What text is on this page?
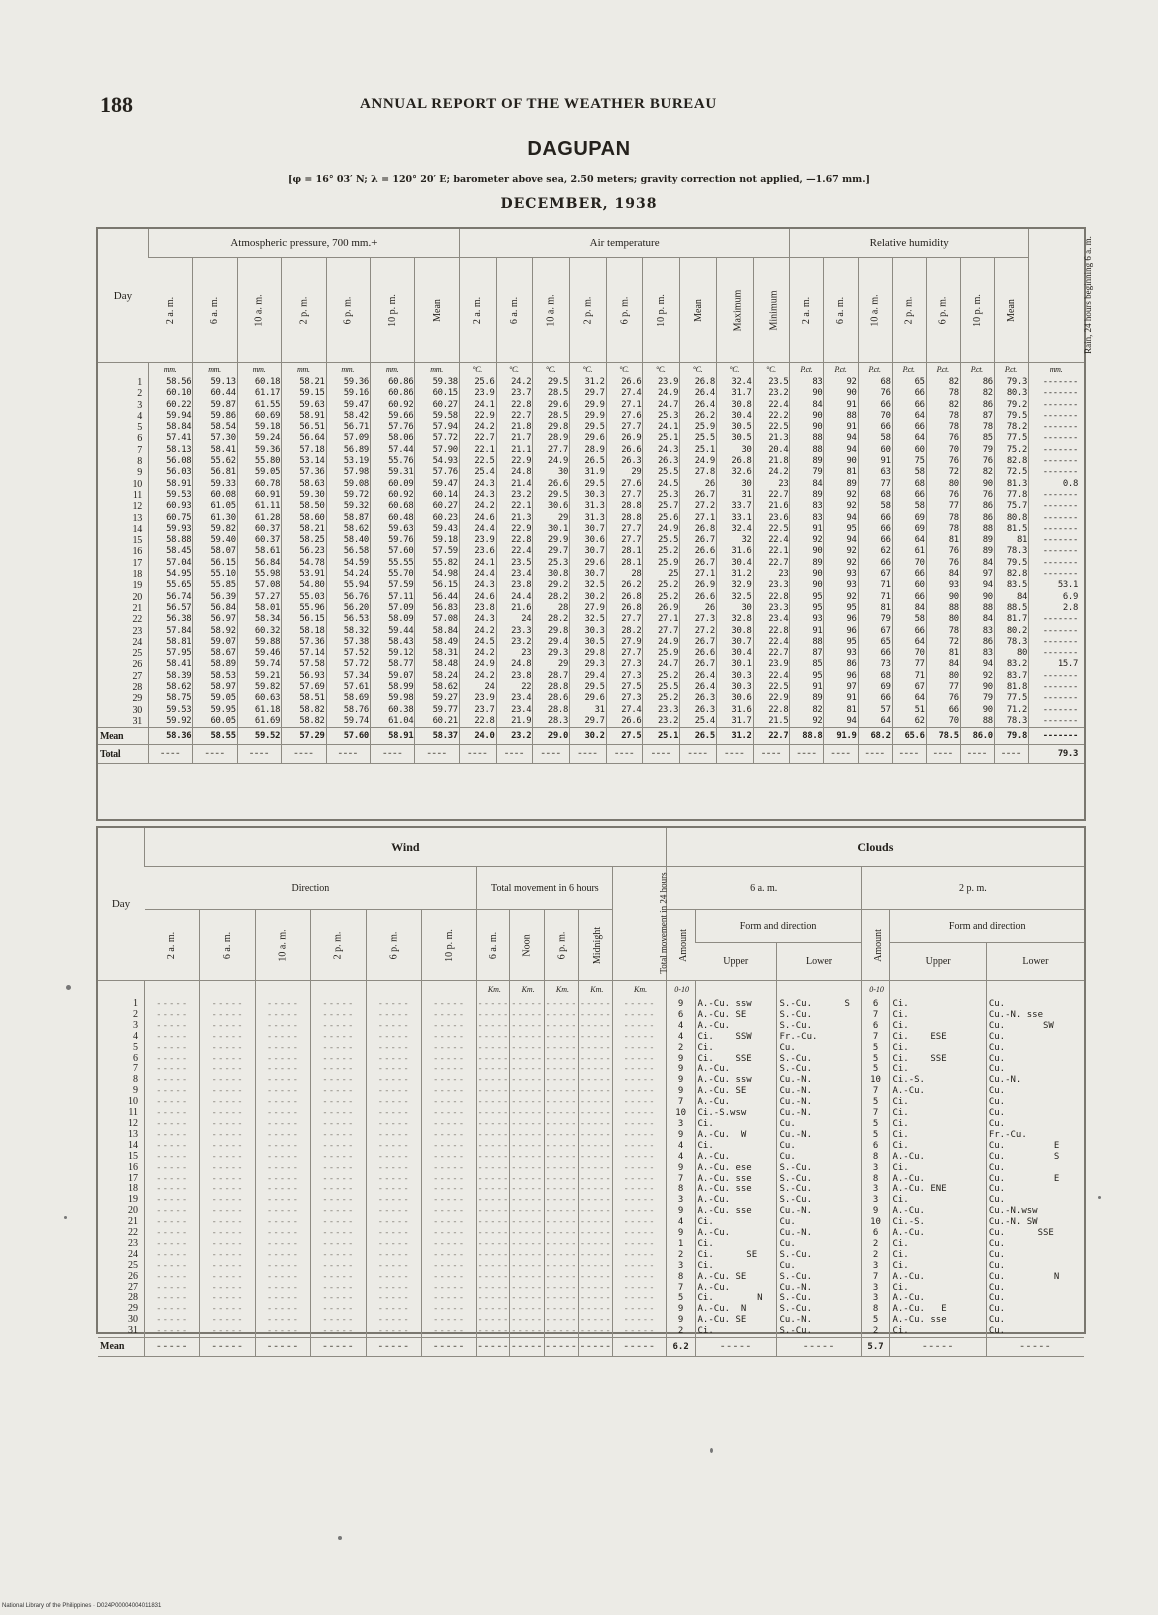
188	ANNUAL REPORT OF THE WEATHER BUREAU
DAGUPAN
[φ = 16° 03′ N; λ = 120° 20′ E; barometer above sea, 2.50 meters; gravity correction not applied, —1.67 mm.]
DECEMBER, 1938
Day	Atmospheric pressure, 700 mm.+							Air temperature									Relative humidity							Rain, 24 hours beginning 6 a. m.
	2 a. m.	6 a. m.	10 a. m.	2 p. m.	6 p. m.	10 p. m.	Mean	2 a. m.	6 a. m.	10 a. m.	2 p. m.	6 p. m.	10 p. m.	Mean	Maximum	Minimum	2 a. m.	6 a. m.	10 a. m.	2 p. m.	6 p. m.	10 p. m.	Mean	
	mm.	mm.	mm.	mm.	mm.	mm.	mm.	°C.	°C.	°C.	°C.	°C.	°C.	°C.	°C.	°C.	P.ct.	P.ct.	P.ct.	P.ct.	P.ct.	P.ct.	P.ct.	mm.
1	58.56	59.13	60.18	58.21	59.36	60.86	59.38	25.6	24.2	29.5	31.2	26.6	23.9	26.8	32.4	23.5	83	92	68	65	82	86	79.3	-------
2	60.10	60.44	61.17	59.15	59.16	60.86	60.15	23.9	23.7	28.5	29.7	27.4	24.9	26.4	31.7	23.2	90	90	76	66	78	82	80.3	-------
3	60.22	59.87	61.55	59.63	59.47	60.92	60.27	24.1	22.8	29.6	29.9	27.1	24.7	26.4	30.8	22.4	84	91	66	66	82	86	79.2	-------
4	59.94	59.86	60.69	58.91	58.42	59.66	59.58	22.9	22.7	28.5	29.9	27.6	25.3	26.2	30.4	22.2	90	88	70	64	78	87	79.5	-------
5	58.84	58.54	59.18	56.51	56.71	57.76	57.94	24.2	21.8	29.8	29.5	27.7	24.1	25.9	30.5	22.5	90	91	66	66	78	78	78.2	-------
6	57.41	57.30	59.24	56.64	57.09	58.06	57.72	22.7	21.7	28.9	29.6	26.9	25.1	25.5	30.5	21.3	88	94	58	64	76	85	77.5	-------
7	58.13	58.41	59.36	57.18	56.89	57.44	57.90	22.1	21.1	27.7	28.9	26.6	24.3	25.1	30	20.4	88	94	60	60	70	79	75.2	-------
8	56.08	55.62	55.80	53.14	53.19	55.76	54.93	22.5	22.9	24.9	26.5	26.3	26.3	24.9	26.8	21.8	89	90	91	75	76	76	82.8	-------
9	56.03	56.81	59.05	57.36	57.98	59.31	57.76	25.4	24.8	30	31.9	29	25.5	27.8	32.6	24.2	79	81	63	58	72	82	72.5	-------
10	58.91	59.33	60.78	58.63	59.08	60.09	59.47	24.3	21.4	26.6	29.5	27.6	24.5	26	30	23	84	89	77	68	80	90	81.3	0.8
11	59.53	60.08	60.91	59.30	59.72	60.92	60.14	24.3	23.2	29.5	30.3	27.7	25.3	26.7	31	22.7	89	92	68	66	76	76	77.8	-------
12	60.93	61.05	61.11	58.50	59.32	60.68	60.27	24.2	22.1	30.6	31.3	28.8	25.7	27.2	33.7	21.6	83	92	58	58	77	86	75.7	-------
13	60.75	61.30	61.28	58.60	58.87	60.48	60.23	24.6	21.3	29	31.3	28.8	25.6	27.1	33.1	23.6	83	94	66	69	78	86	80.8	-------
14	59.93	59.82	60.37	58.21	58.62	59.63	59.43	24.4	22.9	30.1	30.7	27.7	24.9	26.8	32.4	22.5	91	95	66	69	78	88	81.5	-------
15	58.88	59.40	60.37	58.25	58.40	59.76	59.18	23.9	22.8	29.9	30.6	27.7	25.5	26.7	32	22.4	92	94	66	64	81	89	81	-------
16	58.45	58.07	58.61	56.23	56.58	57.60	57.59	23.6	22.4	29.7	30.7	28.1	25.2	26.6	31.6	22.1	90	92	62	61	76	89	78.3	-------
17	57.04	56.15	56.84	54.78	54.59	55.55	55.82	24.1	23.5	25.3	29.6	28.1	25.9	26.7	30.4	22.7	89	92	66	70	76	84	79.5	-------
18	54.95	55.10	55.98	53.91	54.24	55.70	54.98	24.4	23.4	30.8	30.7	28	25	27.1	31.2	23	90	93	67	66	84	97	82.8	-------
19	55.65	55.85	57.08	54.80	55.94	57.59	56.15	24.3	23.8	29.2	32.5	26.2	25.2	26.9	32.9	23.3	90	93	71	60	93	94	83.5	53.1
20	56.74	56.39	57.27	55.03	56.76	57.11	56.44	24.6	24.4	28.2	30.2	26.8	25.2	26.6	32.5	22.8	95	92	71	66	90	90	84	6.9
21	56.57	56.84	58.01	55.96	56.20	57.09	56.83	23.8	21.6	28	27.9	26.8	26.9	26	30	23.3	95	95	81	84	88	88	88.5	2.8
22	56.38	56.97	58.34	56.15	56.53	58.09	57.08	24.3	24	28.2	32.5	27.7	27.1	27.3	32.8	23.4	93	96	79	58	80	84	81.7	-------
23	57.84	58.92	60.32	58.18	58.32	59.44	58.84	24.2	23.3	29.8	30.3	28.2	27.7	27.2	30.8	22.8	91	96	67	66	78	83	80.2	-------
24	58.81	59.07	59.88	57.36	57.38	58.43	58.49	24.5	23.2	29.4	30.5	27.9	24.9	26.7	30.7	22.4	88	95	65	64	72	86	78.3	-------
25	57.95	58.67	59.46	57.14	57.52	59.12	58.31	24.2	23	29.3	29.8	27.7	25.9	26.6	30.4	22.7	87	93	66	70	81	83	80	-------
26	58.41	58.89	59.74	57.58	57.72	58.77	58.48	24.9	24.8	29	29.3	27.3	24.7	26.7	30.1	23.9	85	86	73	77	84	94	83.2	15.7
27	58.39	58.53	59.21	56.93	57.34	59.07	58.24	24.2	23.8	28.7	29.4	27.3	25.2	26.4	30.3	22.4	95	96	68	71	80	92	83.7	-------
28	58.62	58.97	59.82	57.69	57.61	58.99	58.62	24	22	28.8	29.5	27.5	25.5	26.4	30.3	22.5	91	97	69	67	77	90	81.8	-------
29	58.75	59.05	60.63	58.51	58.69	59.98	59.27	23.9	23.4	28.6	29.6	27.3	25.2	26.3	30.6	22.9	89	91	66	64	76	79	77.5	-------
30	59.53	59.95	61.18	58.82	58.76	60.38	59.77	23.7	23.4	28.8	31	27.4	23.3	26.3	31.6	22.8	82	81	57	51	66	90	71.2	-------
31	59.92	60.05	61.69	58.82	59.74	61.04	60.21	22.8	21.9	28.3	29.7	26.6	23.2	25.4	31.7	21.5	92	94	64	62	70	88	78.3	-------
Mean	58.36	58.55	59.52	57.29	57.60	58.91	58.37	24.0	23.2	29.0	30.2	27.5	25.1	26.5	31.2	22.7	88.8	91.9	68.2	65.6	78.5	86.0	79.8	-------
Total	----	----	----	----	----	----	----	----	----	----	----	----	----	----	----	----	----	----	----	----	----	----	----	79.3
Day	Wind											Clouds					
	Direction						Total movement in 6 hours				Total movement in 24 hours	6 a. m.			2 p. m.		

	2 a. m.	6 a. m.	10 a. m.	2 p. m.	6 p. m.	10 p. m.	6 a. m.	Noon	6 p. m.	Midnight		Amount	Form and direction		Amount	Form and direction	
													Upper	Lower		Upper	Lower
							Km.	Km.	Km.	Km.	Km.	0-10			0-10		
1	-----	-----	-----	-----	-----	-----	-----	-----	-----	-----	-----	9	A.-Cu. ssw	S.-Cu.      S	6	Ci.	Cu.
2	-----	-----	-----	-----	-----	-----	-----	-----	-----	-----	-----	6	A.-Cu. SE	S.-Cu.	7	Ci.	Cu.-N. sse
3	-----	-----	-----	-----	-----	-----	-----	-----	-----	-----	-----	4	A.-Cu.	S.-Cu.	6	Ci.	Cu.       SW
4	-----	-----	-----	-----	-----	-----	-----	-----	-----	-----	-----	4	Ci.    SSW	Fr.-Cu.	7	Ci.    ESE	Cu.
5	-----	-----	-----	-----	-----	-----	-----	-----	-----	-----	-----	2	Ci.	Cu.	5	Ci.	Cu.
6	-----	-----	-----	-----	-----	-----	-----	-----	-----	-----	-----	9	Ci.    SSE	S.-Cu.	5	Ci.    SSE	Cu.
7	-----	-----	-----	-----	-----	-----	-----	-----	-----	-----	-----	9	A.-Cu.	S.-Cu.	5	Ci.	Cu.
8	-----	-----	-----	-----	-----	-----	-----	-----	-----	-----	-----	9	A.-Cu. ssw	Cu.-N.	10	Ci.-S.	Cu.-N.
9	-----	-----	-----	-----	-----	-----	-----	-----	-----	-----	-----	9	A.-Cu. SE	Cu.-N.	7	A.-Cu.	Cu.
10	-----	-----	-----	-----	-----	-----	-----	-----	-----	-----	-----	7	A.-Cu.	Cu.-N.	5	Ci.	Cu.
11	-----	-----	-----	-----	-----	-----	-----	-----	-----	-----	-----	10	Ci.-S.wsw	Cu.-N.	7	Ci.	Cu.
12	-----	-----	-----	-----	-----	-----	-----	-----	-----	-----	-----	3	Ci.	Cu.	5	Ci.	Cu.
13	-----	-----	-----	-----	-----	-----	-----	-----	-----	-----	-----	9	A.-Cu.  W	Cu.-N.	5	Ci.	Fr.-Cu.
14	-----	-----	-----	-----	-----	-----	-----	-----	-----	-----	-----	4	Ci.	Cu.	6	Ci.	Cu.         E
15	-----	-----	-----	-----	-----	-----	-----	-----	-----	-----	-----	4	A.-Cu.	Cu.	8	A.-Cu.	Cu.         S
16	-----	-----	-----	-----	-----	-----	-----	-----	-----	-----	-----	9	A.-Cu. ese	S.-Cu.	3	Ci.	Cu.
17	-----	-----	-----	-----	-----	-----	-----	-----	-----	-----	-----	7	A.-Cu. sse	S.-Cu.	8	A.-Cu.	Cu.         E
18	-----	-----	-----	-----	-----	-----	-----	-----	-----	-----	-----	8	A.-Cu. sse	S.-Cu.	3	A.-Cu. ENE	Cu.
19	-----	-----	-----	-----	-----	-----	-----	-----	-----	-----	-----	3	A.-Cu.	S.-Cu.	3	Ci.	Cu.
20	-----	-----	-----	-----	-----	-----	-----	-----	-----	-----	-----	9	A.-Cu. sse	Cu.-N.	9	A.-Cu.	Cu.-N.wsw
21	-----	-----	-----	-----	-----	-----	-----	-----	-----	-----	-----	4	Ci.	Cu.	10	Ci.-S.	Cu.-N. SW
22	-----	-----	-----	-----	-----	-----	-----	-----	-----	-----	-----	9	A.-Cu.	Cu.-N.	6	A.-Cu.	Cu.      SSE
23	-----	-----	-----	-----	-----	-----	-----	-----	-----	-----	-----	1	Ci.	Cu.	2	Ci.	Cu.
24	-----	-----	-----	-----	-----	-----	-----	-----	-----	-----	-----	2	Ci.      SE	S.-Cu.	2	Ci.	Cu.
25	-----	-----	-----	-----	-----	-----	-----	-----	-----	-----	-----	3	Ci.	Cu.	3	Ci.	Cu.
26	-----	-----	-----	-----	-----	-----	-----	-----	-----	-----	-----	8	A.-Cu. SE	S.-Cu.	7	A.-Cu.	Cu.         N
27	-----	-----	-----	-----	-----	-----	-----	-----	-----	-----	-----	7	A.-Cu.	Cu.-N.	3	Ci.	Cu.
28	-----	-----	-----	-----	-----	-----	-----	-----	-----	-----	-----	5	Ci.        N	S.-Cu.	3	A.-Cu.	Cu.
29	-----	-----	-----	-----	-----	-----	-----	-----	-----	-----	-----	9	A.-Cu.  N	S.-Cu.	8	A.-Cu.   E	Cu.
30	-----	-----	-----	-----	-----	-----	-----	-----	-----	-----	-----	9	A.-Cu. SE	Cu.-N.	5	A.-Cu. sse	Cu.
31	-----	-----	-----	-----	-----	-----	-----	-----	-----	-----	-----	2	Ci.	S.-Cu.	2	Ci.	Cu.
Mean	-----	-----	-----	-----	-----	-----	-----	-----	-----	-----	-----	6.2	-----	-----	5.7	-----	-----
National Library of the Philippines · D024P00004004011831
